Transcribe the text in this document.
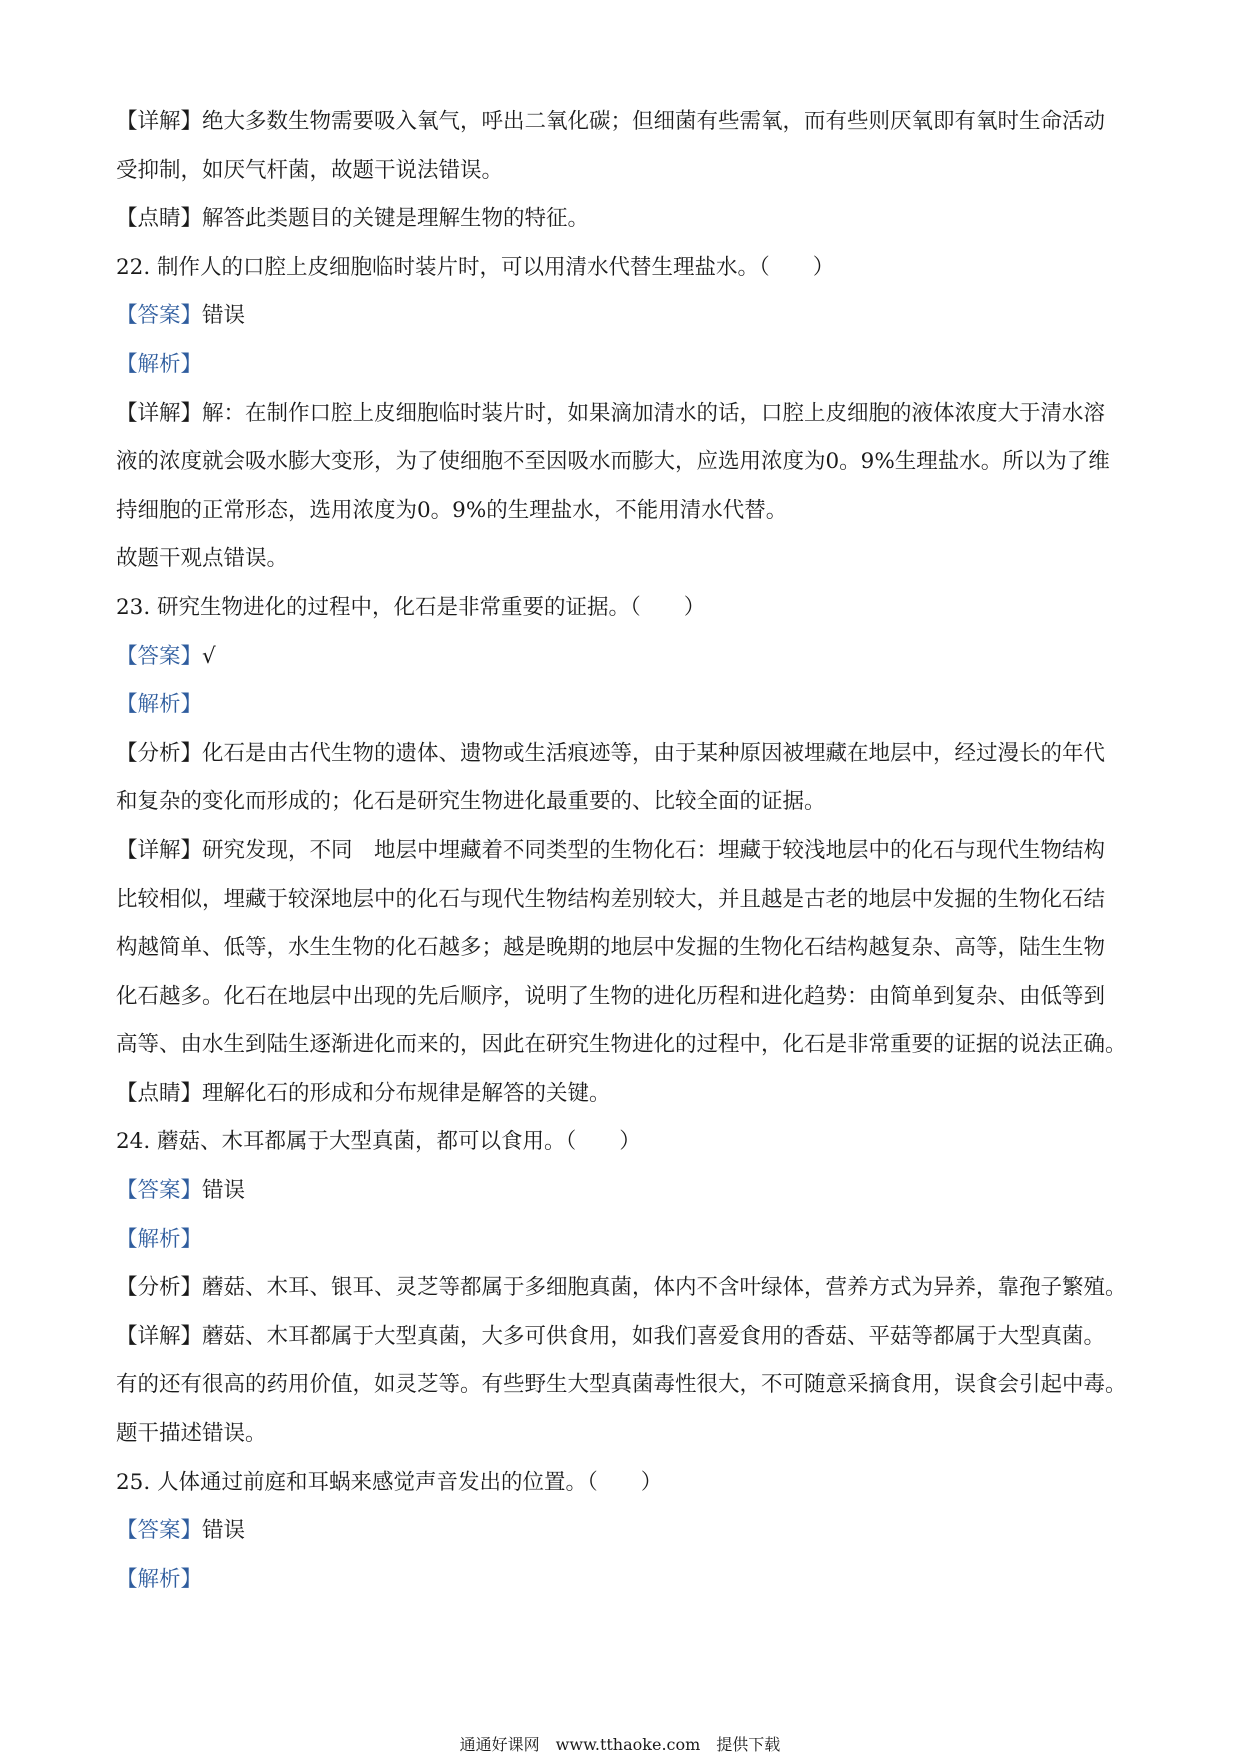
【详解】绝大多数生物需要吸入氧气，呼出二氧化碳；但细菌有些需氧，而有些则厌氧即有氧时生命活动
受抑制，如厌气杆菌，故题干说法错误。
【点睛】解答此类题目的关键是理解生物的特征。
22. 制作人的口腔上皮细胞临时装片时，可以用清水代替生理盐水。（　　）
【答案】错误
【解析】
【详解】解：在制作口腔上皮细胞临时装片时，如果滴加清水的话，口腔上皮细胞的液体浓度大于清水溶
液的浓度就会吸水膨大变形，为了使细胞不至因吸水而膨大，应选用浓度为0。9%生理盐水。所以为了维
持细胞的正常形态，选用浓度为0。9%的生理盐水，不能用清水代替。
故题干观点错误。
23. 研究生物进化的过程中，化石是非常重要的证据。（　　）
【答案】√
【解析】
【分析】化石是由古代生物的遗体、遗物或生活痕迹等，由于某种原因被埋藏在地层中，经过漫长的年代
和复杂的变化而形成的；化石是研究生物进化最重要的、比较全面的证据。
【详解】研究发现，不同　地层中埋藏着不同类型的生物化石：埋藏于较浅地层中的化石与现代生物结构
比较相似，埋藏于较深地层中的化石与现代生物结构差别较大，并且越是古老的地层中发掘的生物化石结
构越简单、低等，水生生物的化石越多；越是晚期的地层中发掘的生物化石结构越复杂、高等，陆生生物
化石越多。化石在地层中出现的先后顺序，说明了生物的进化历程和进化趋势：由简单到复杂、由低等到
高等、由水生到陆生逐渐进化而来的，因此在研究生物进化的过程中，化石是非常重要的证据的说法正确。
【点睛】理解化石的形成和分布规律是解答的关键。
24. 蘑菇、木耳都属于大型真菌，都可以食用。（　　）
【答案】错误
【解析】
【分析】蘑菇、木耳、银耳、灵芝等都属于多细胞真菌，体内不含叶绿体，营养方式为异养，靠孢子繁殖。
【详解】蘑菇、木耳都属于大型真菌，大多可供食用，如我们喜爱食用的香菇、平菇等都属于大型真菌。
有的还有很高的药用价值，如灵芝等。有些野生大型真菌毒性很大，不可随意采摘食用，误食会引起中毒。
题干描述错误。
25. 人体通过前庭和耳蜗来感觉声音发出的位置。（　　）
【答案】错误
【解析】
通通好课网　www.tthaoke.com　提供下载
